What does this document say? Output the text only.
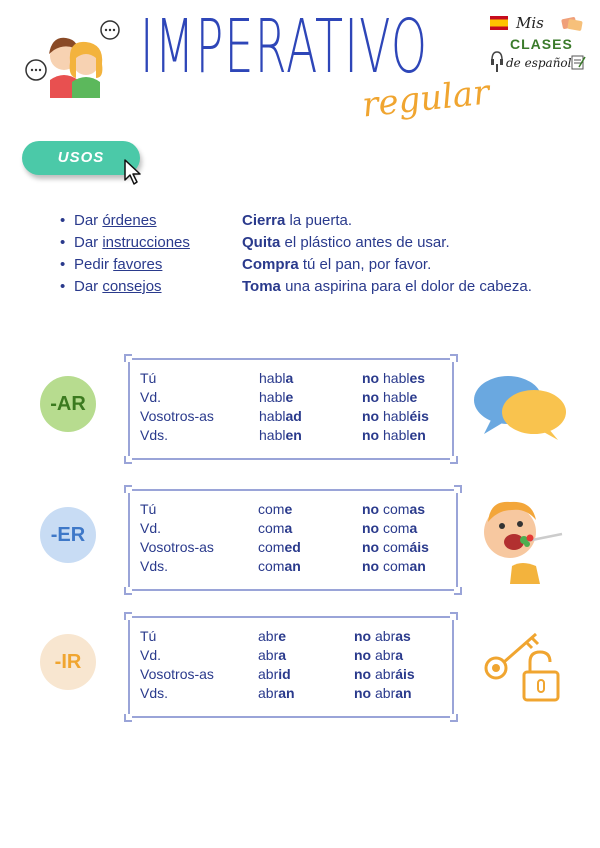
IMPERATIVO
regular
Mis
CLASES
de español
USOS
• Dar órdenes	Cierra la puerta.
• Dar instrucciones	Quita el plástico antes de usar.
• Pedir favores	Compra tú el pan, por favor.
• Dar consejos	Toma una aspirina para el dolor de cabeza.
-AR
Tú	habla	no hables
Vd.	hable	no hable
Vosotros-as	hablad	no habléis
Vds.	hablen	no hablen
-ER
Tú	come	no comas
Vd.	coma	no coma
Vosotros-as	comed	no comáis
Vds.	coman	no coman
-IR
Tú	abre	no abras
Vd.	abra	no abra
Vosotros-as	abrid	no abráis
Vds.	abran	no abran
